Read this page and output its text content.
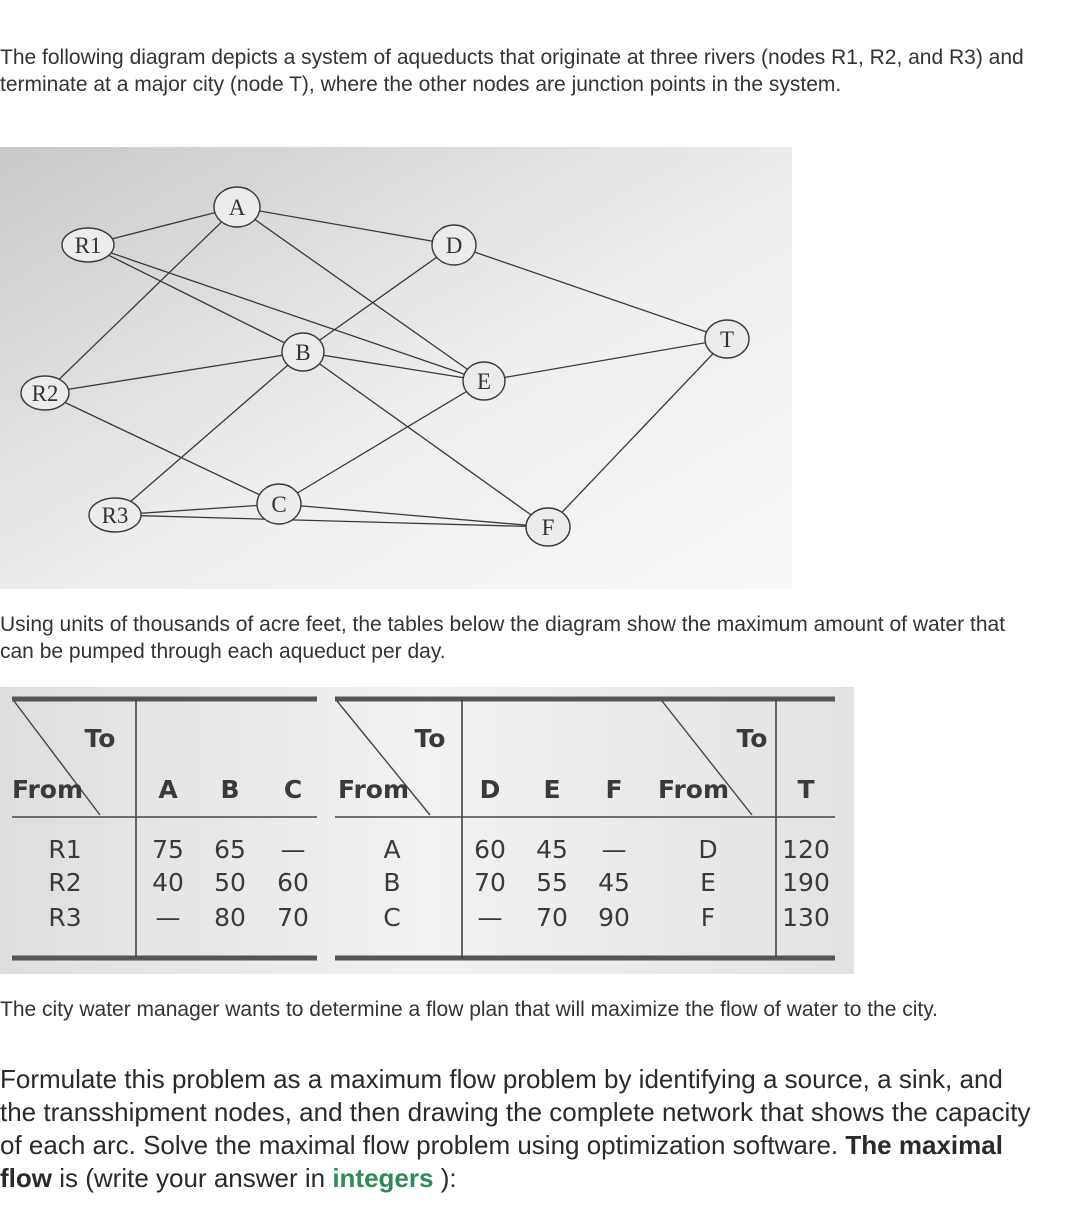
The following diagram depicts a system of aqueducts that originate at three rivers (nodes R1, R2, and R3) and terminate at a major city (node T), where the other nodes are junction points in the system.

R1
R2
R3
A
B
C
D
E
F
T

Using units of thousands of acre feet, the tables below the diagram show the maximum amount of water that can be pumped through each aqueduct per day.

To
From	A B C
R1	75 65 —
R2	40 50 60
R3	— 80 70
To
From	D E F
A	60 45 —
B	70 55 45
C	— 70 90
To
From	T
D	120
E	190
F	130

The city water manager wants to determine a flow plan that will maximize the flow of water to the city.

Formulate this problem as a maximum flow problem by identifying a source, a sink, and the transshipment nodes, and then drawing the complete network that shows the capacity of each arc. Solve the maximal flow problem using optimization software. The maximal flow is (write your answer in integers ):
